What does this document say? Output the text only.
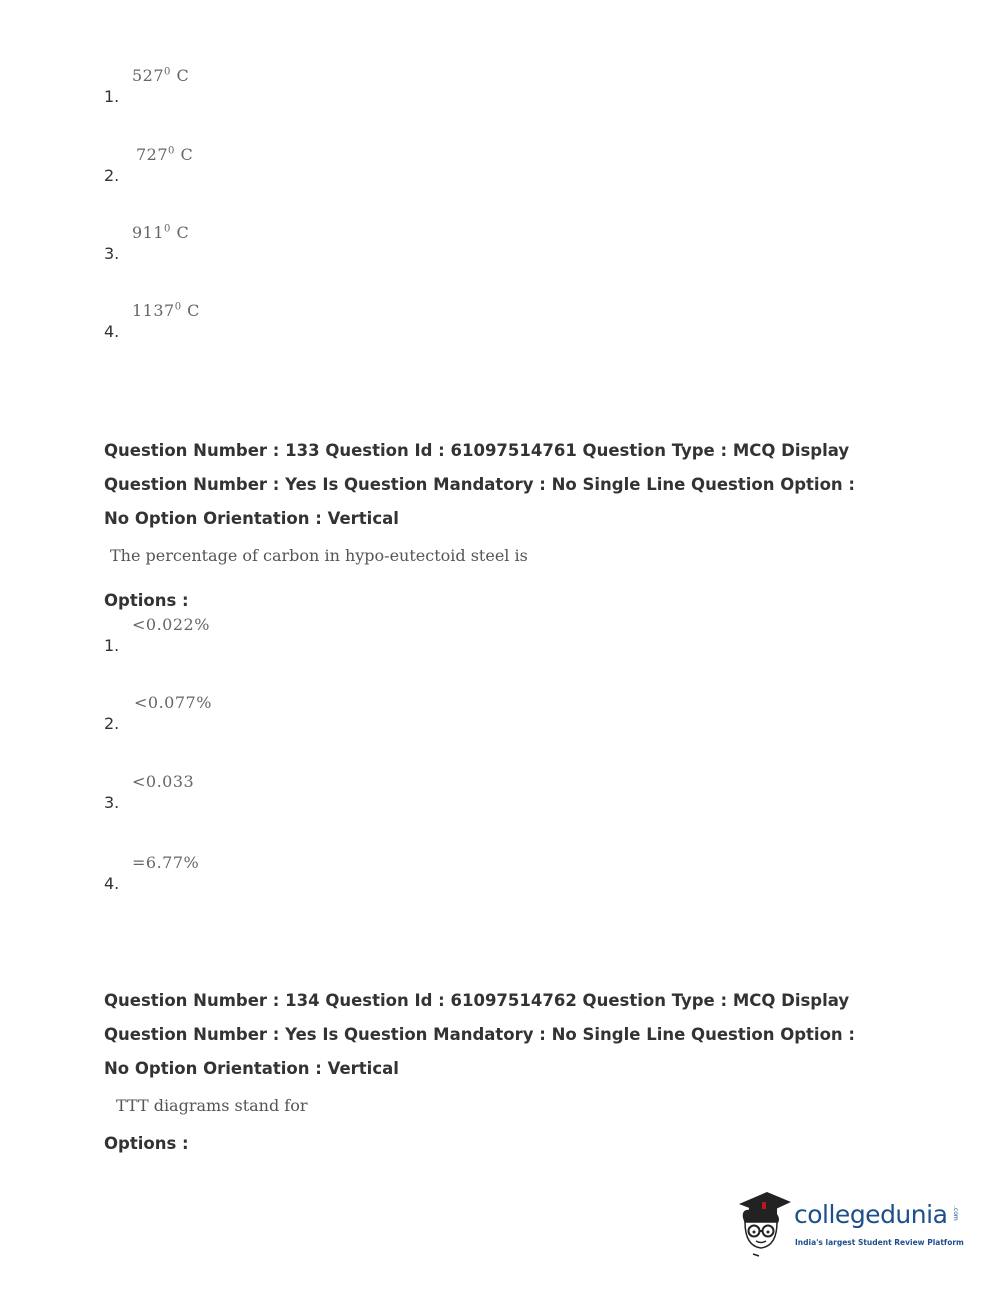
1.
$527^0$ C
2.
$727^0$ C
3.
$911^0$ C
4.
1137$^0$ C
Question Number : 133 Question Id : 61097514761 Question Type : MCQ Display Question Number : Yes Is Question Mandatory : No Single Line Question Option : No Option Orientation : Vertical
The percentage of carbon in hypo-eutectoid steel is
Options :
1.
<0.022%
2.
<0.077%
3.
<0.033
4.
=6.77%
Question Number : 134 Question Id : 61097514762 Question Type : MCQ Display Question Number : Yes Is Question Mandatory : No Single Line Question Option : No Option Orientation : Vertical
TTT diagrams stand for
Options :
collegedunia .com
India's largest Student Review Platform
